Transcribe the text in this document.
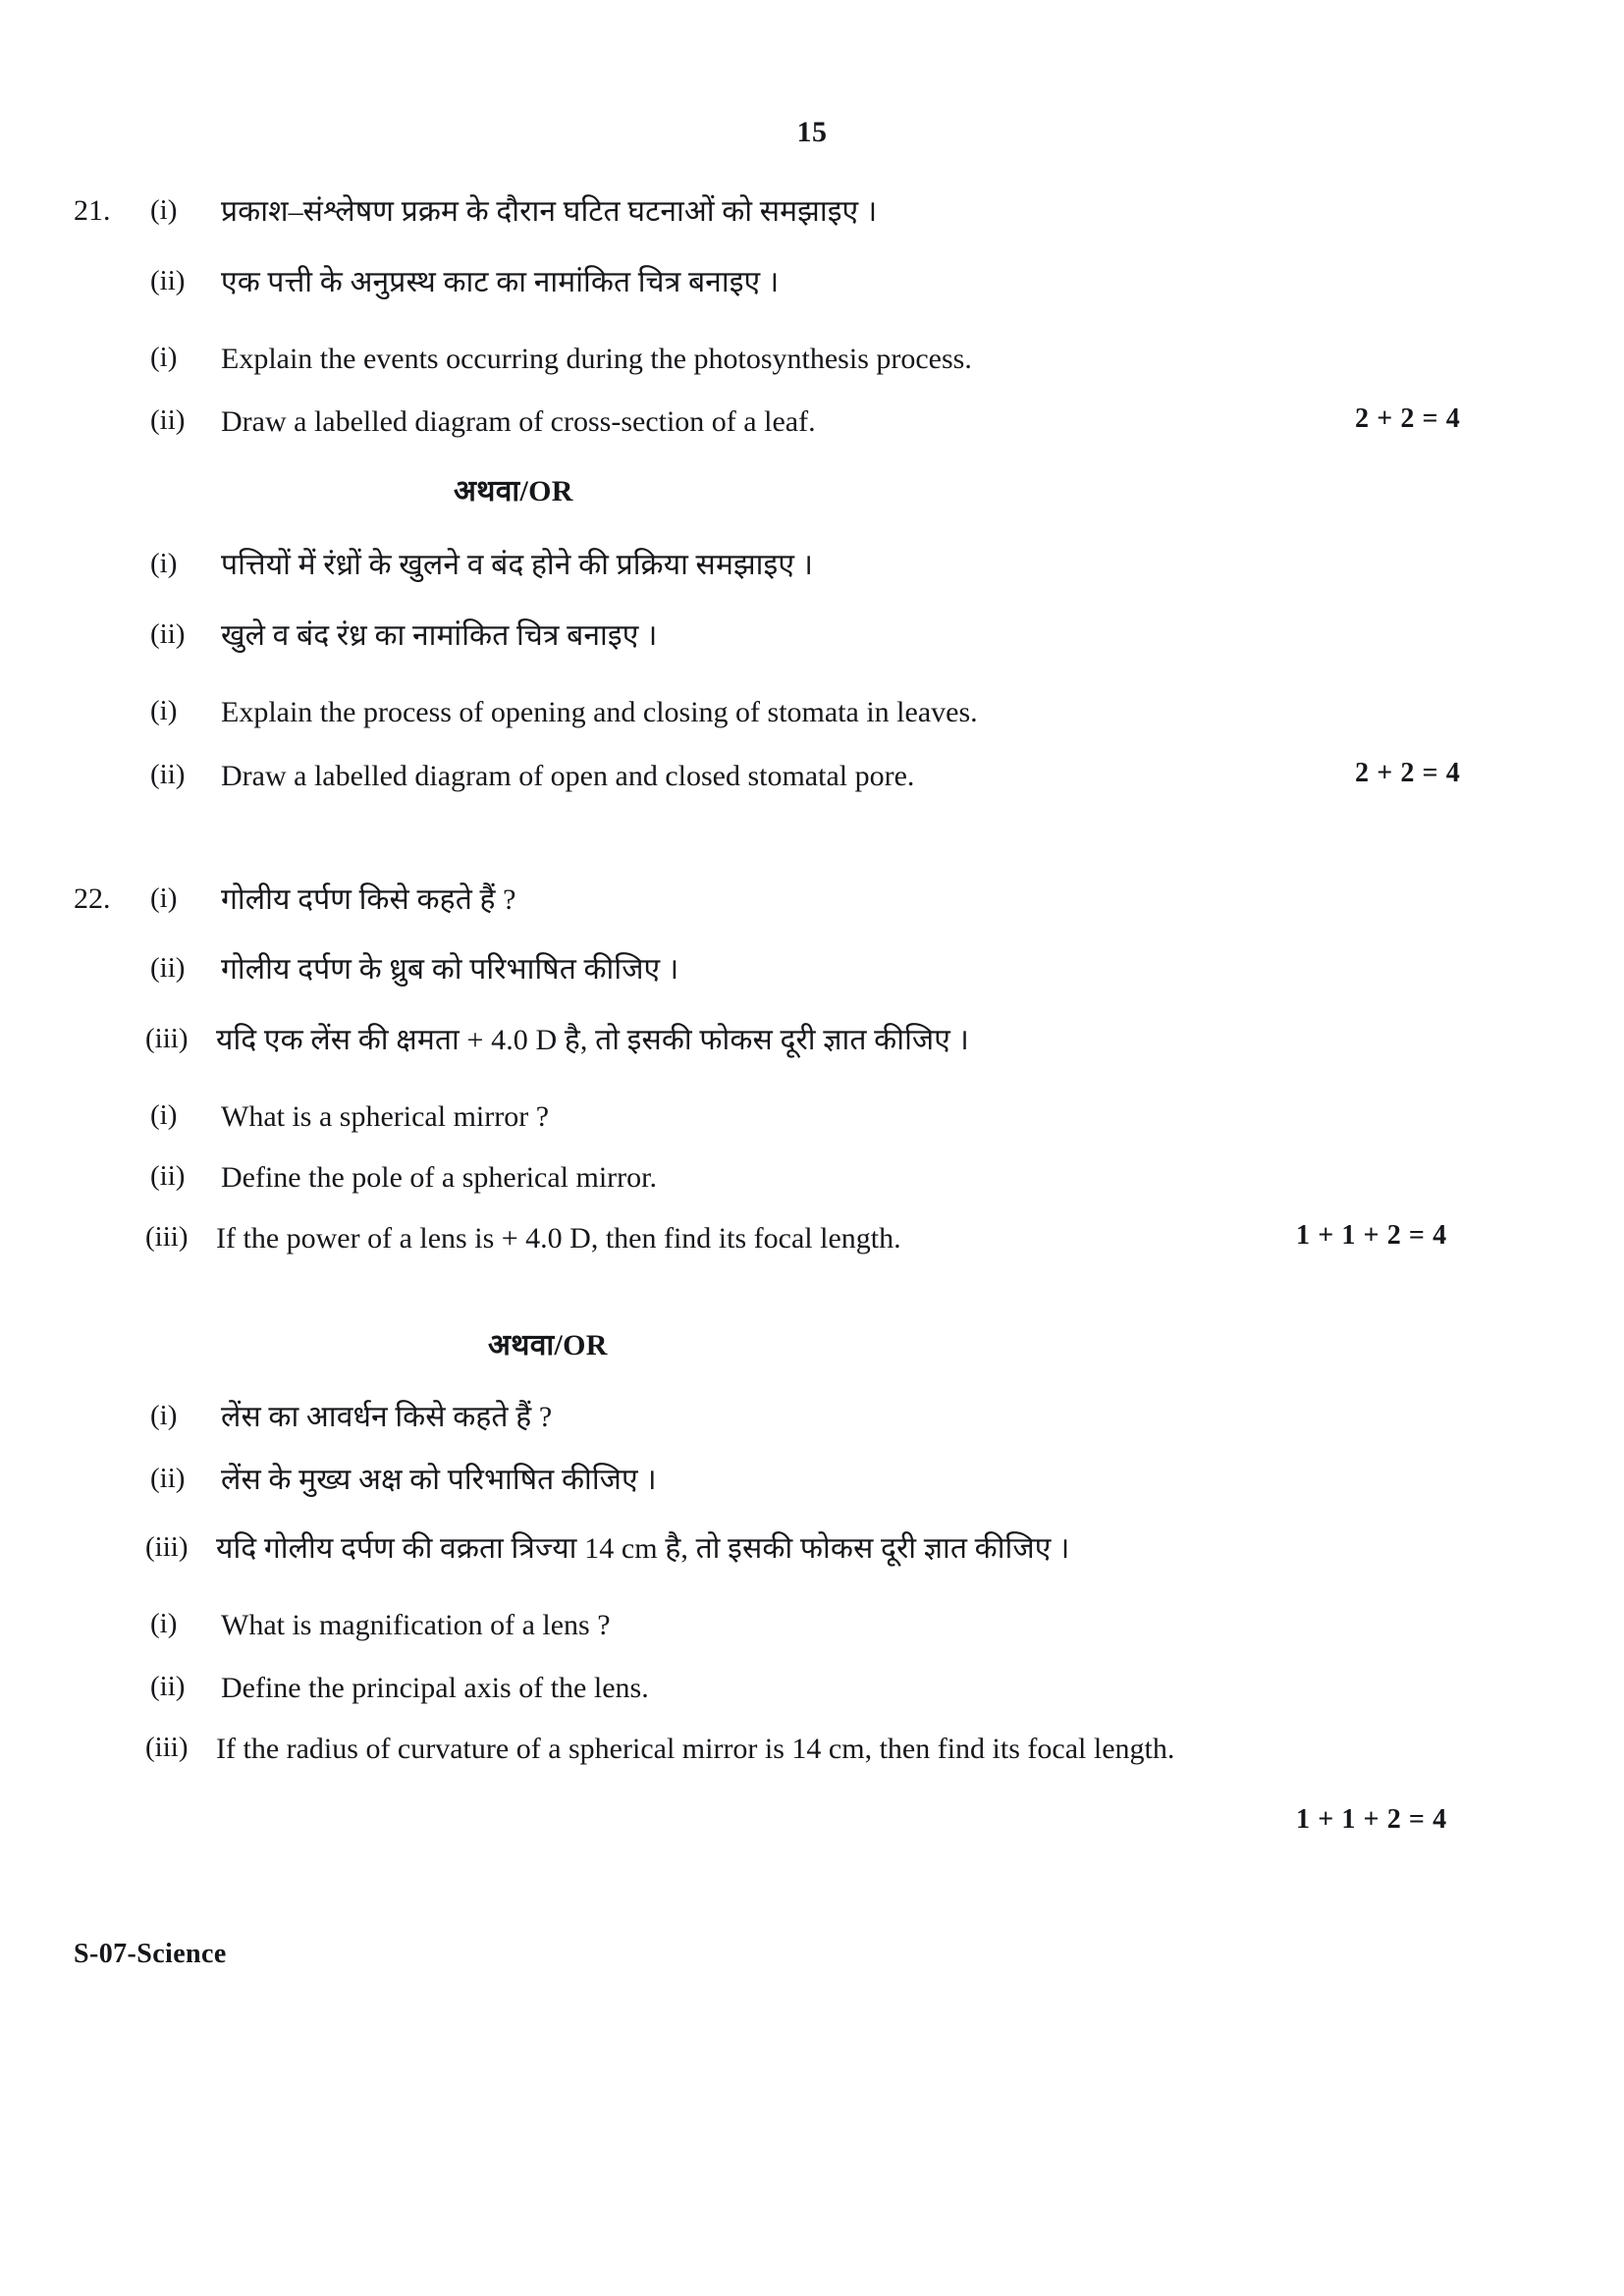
15
21.	(i)	प्रकाश–संश्लेषण प्रक्रम के दौरान घटित घटनाओं को समझाइए ।
(ii)	एक पत्ती के अनुप्रस्थ काट का नामांकित चित्र बनाइए ।
(i)	Explain the events occurring during the photosynthesis process.
(ii)	Draw a labelled diagram of cross-section of a leaf.	2 + 2 = 4
अथवा/OR
(i)	पत्तियों में रंध्रों के खुलने व बंद होने की प्रक्रिया समझाइए ।
(ii)	खुले व बंद रंध्र का नामांकित चित्र बनाइए ।
(i)	Explain the process of opening and closing of stomata in leaves.
(ii)	Draw a labelled diagram of open and closed stomatal pore.	2 + 2 = 4
22.	(i)	गोलीय दर्पण किसे कहते हैं ?
(ii)	गोलीय दर्पण के ध्रुब को परिभाषित कीजिए ।
(iii) यदि एक लेंस की क्षमता + 4.0 D है, तो इसकी फोकस दूरी ज्ञात कीजिए ।
(i)	What is a spherical mirror ?
(ii)	Define the pole of a spherical mirror.
(iii) If the power of a lens is + 4.0 D, then find its focal length.	1 + 1 + 2 = 4
अथवा/OR
(i)	लेंस का आवर्धन किसे कहते हैं ?
(ii)	लेंस के मुख्य अक्ष को परिभाषित कीजिए ।
(iii) यदि गोलीय दर्पण की वक्रता त्रिज्या 14 cm है, तो इसकी फोकस दूरी ज्ञात कीजिए ।
(i)	What is magnification of a lens ?
(ii)	Define the principal axis of the lens.
(iii) If the radius of curvature of a spherical mirror is 14 cm, then find its focal length.
1 + 1 + 2 = 4
S-07-Science
